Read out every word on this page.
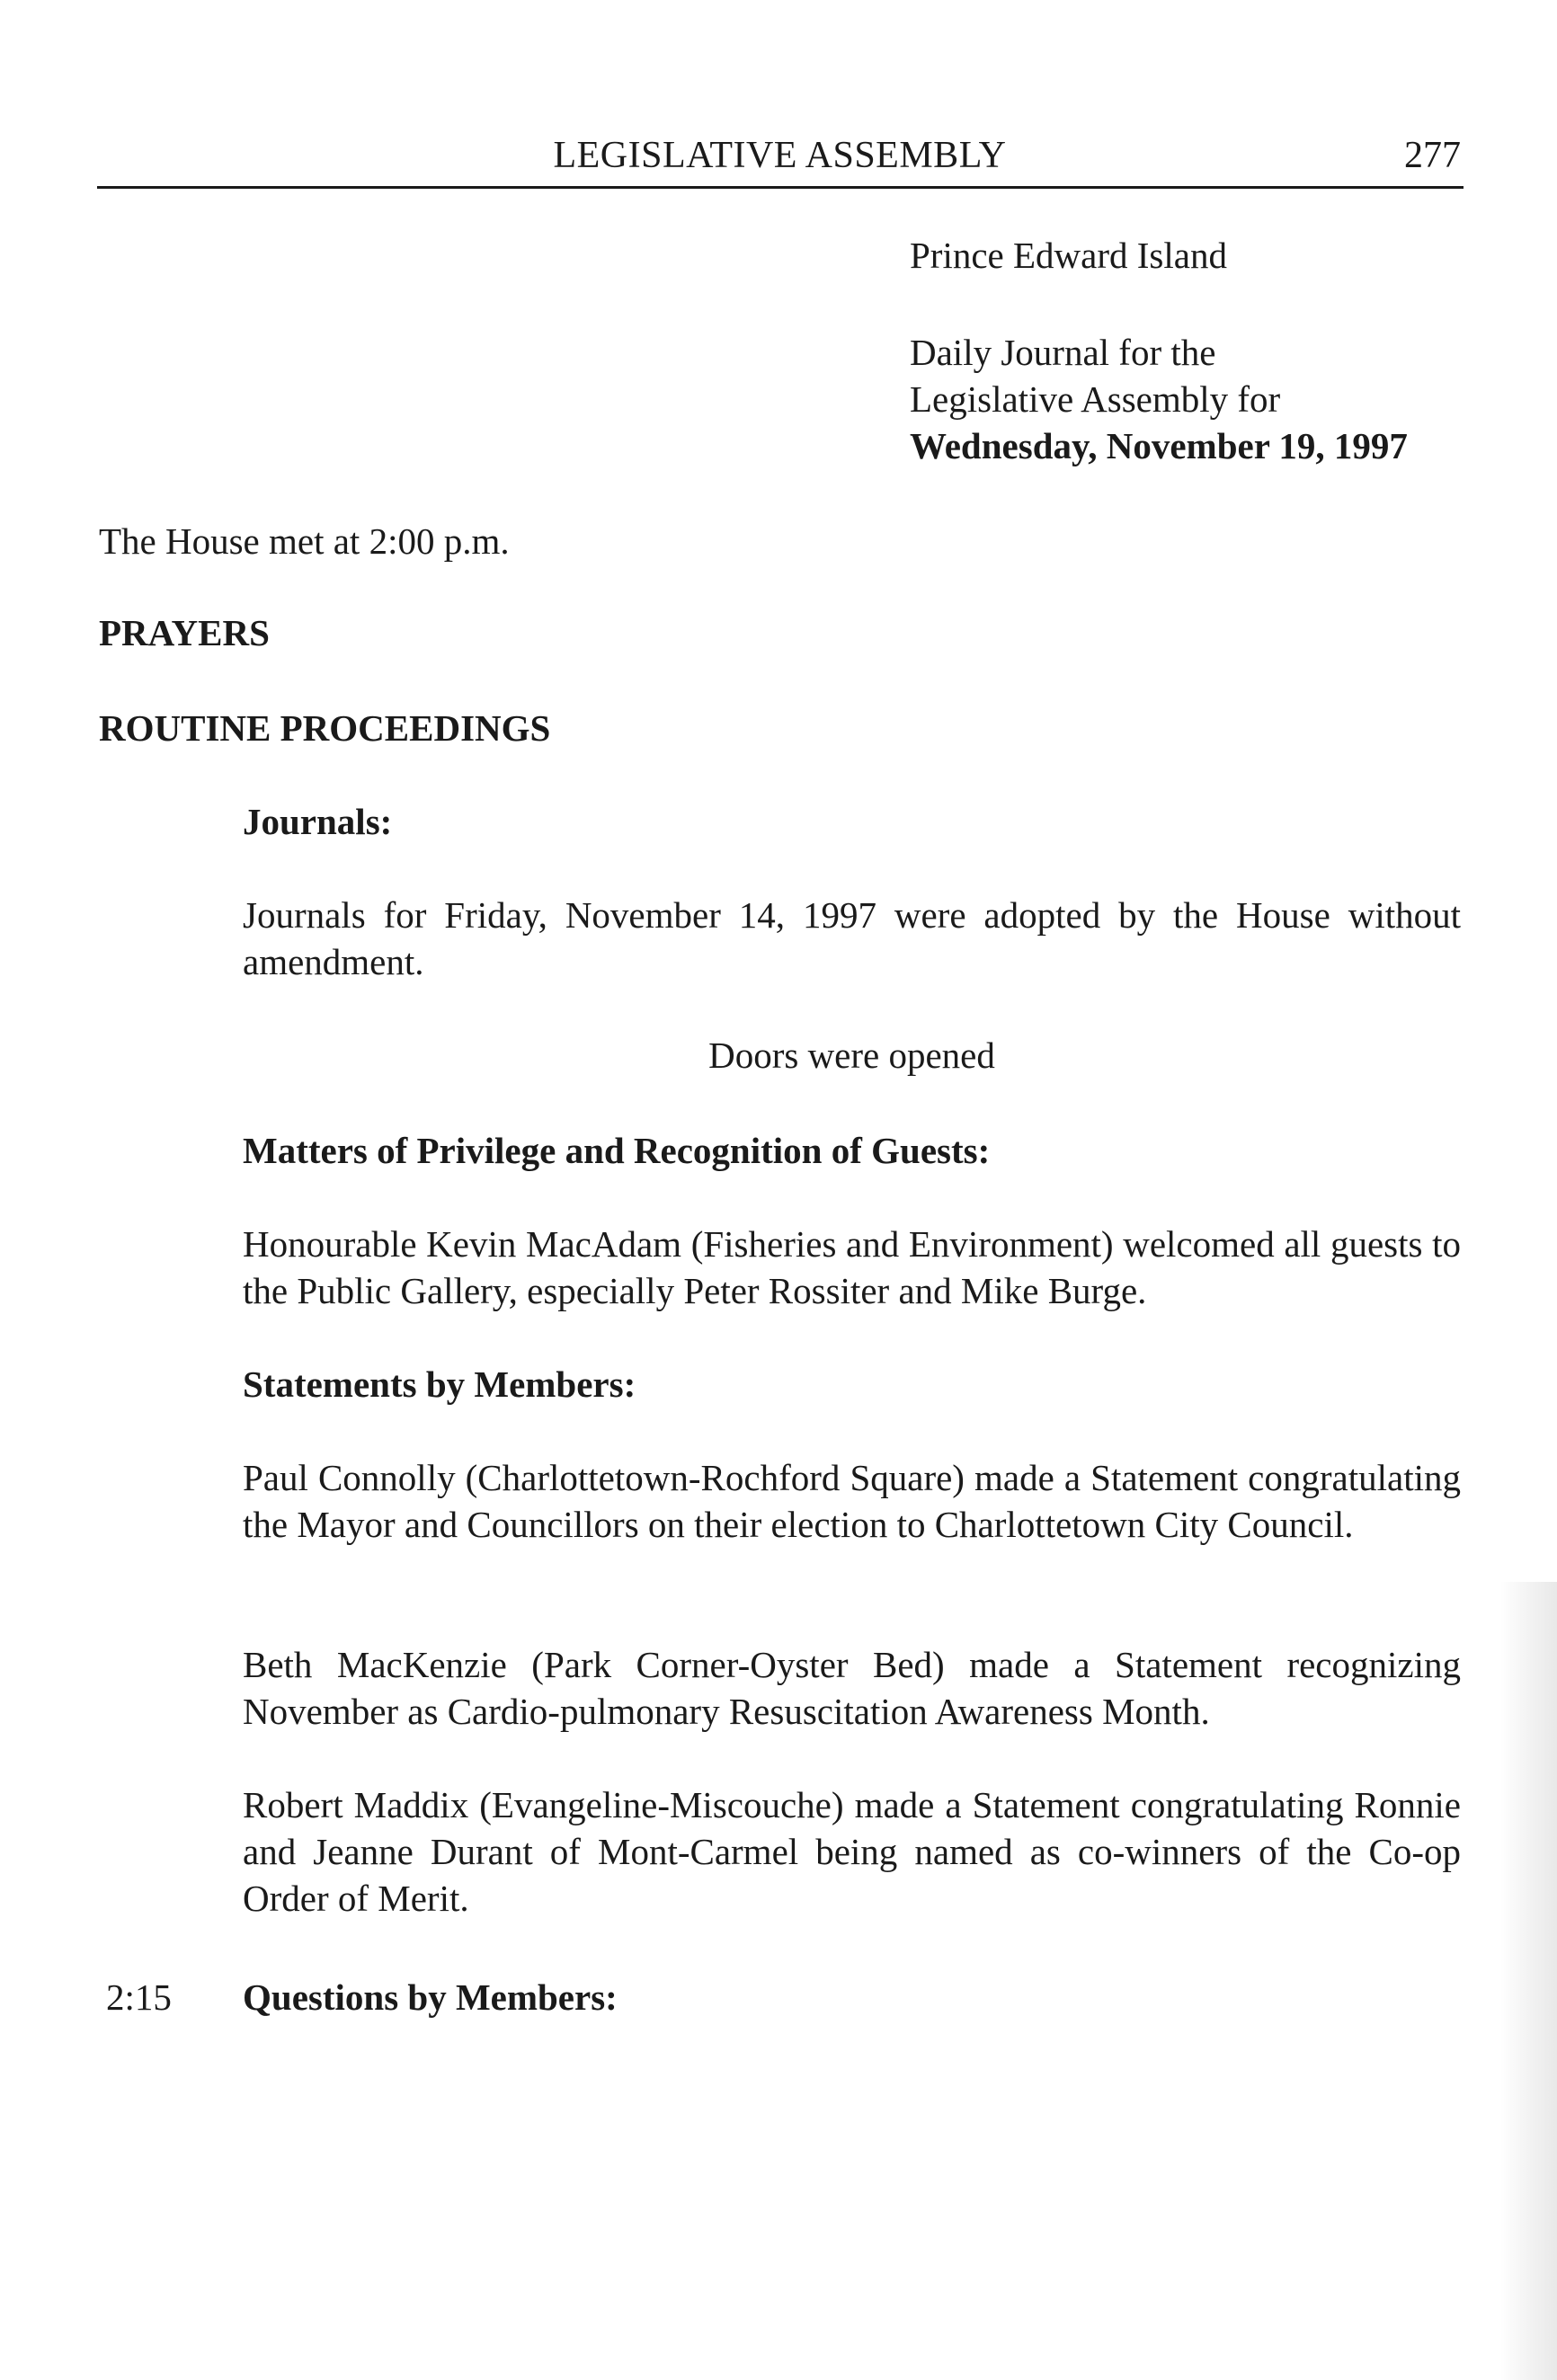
LEGISLATIVE ASSEMBLY	277
Prince Edward Island
Daily Journal for the
Legislative Assembly for
Wednesday, November 19, 1997
The House met at 2:00 p.m.
PRAYERS
ROUTINE PROCEEDINGS
Journals:
Journals for Friday, November 14, 1997 were adopted by the House without amendment.
Doors were opened
Matters of Privilege and Recognition of Guests:
Honourable Kevin MacAdam (Fisheries and Environment) welcomed all guests to the Public Gallery, especially Peter Rossiter and Mike Burge.
Statements by Members:
Paul Connolly (Charlottetown-Rochford Square) made a Statement congratulating the Mayor and Councillors on their election to Charlottetown City Council.
Beth MacKenzie (Park Corner-Oyster Bed) made a Statement recognizing November as Cardio-pulmonary Resuscitation Awareness Month.
Robert Maddix (Evangeline-Miscouche) made a Statement congratulating Ronnie and Jeanne Durant of Mont-Carmel being named as co-winners of the Co-op Order of Merit.
2:15 Questions by Members:
